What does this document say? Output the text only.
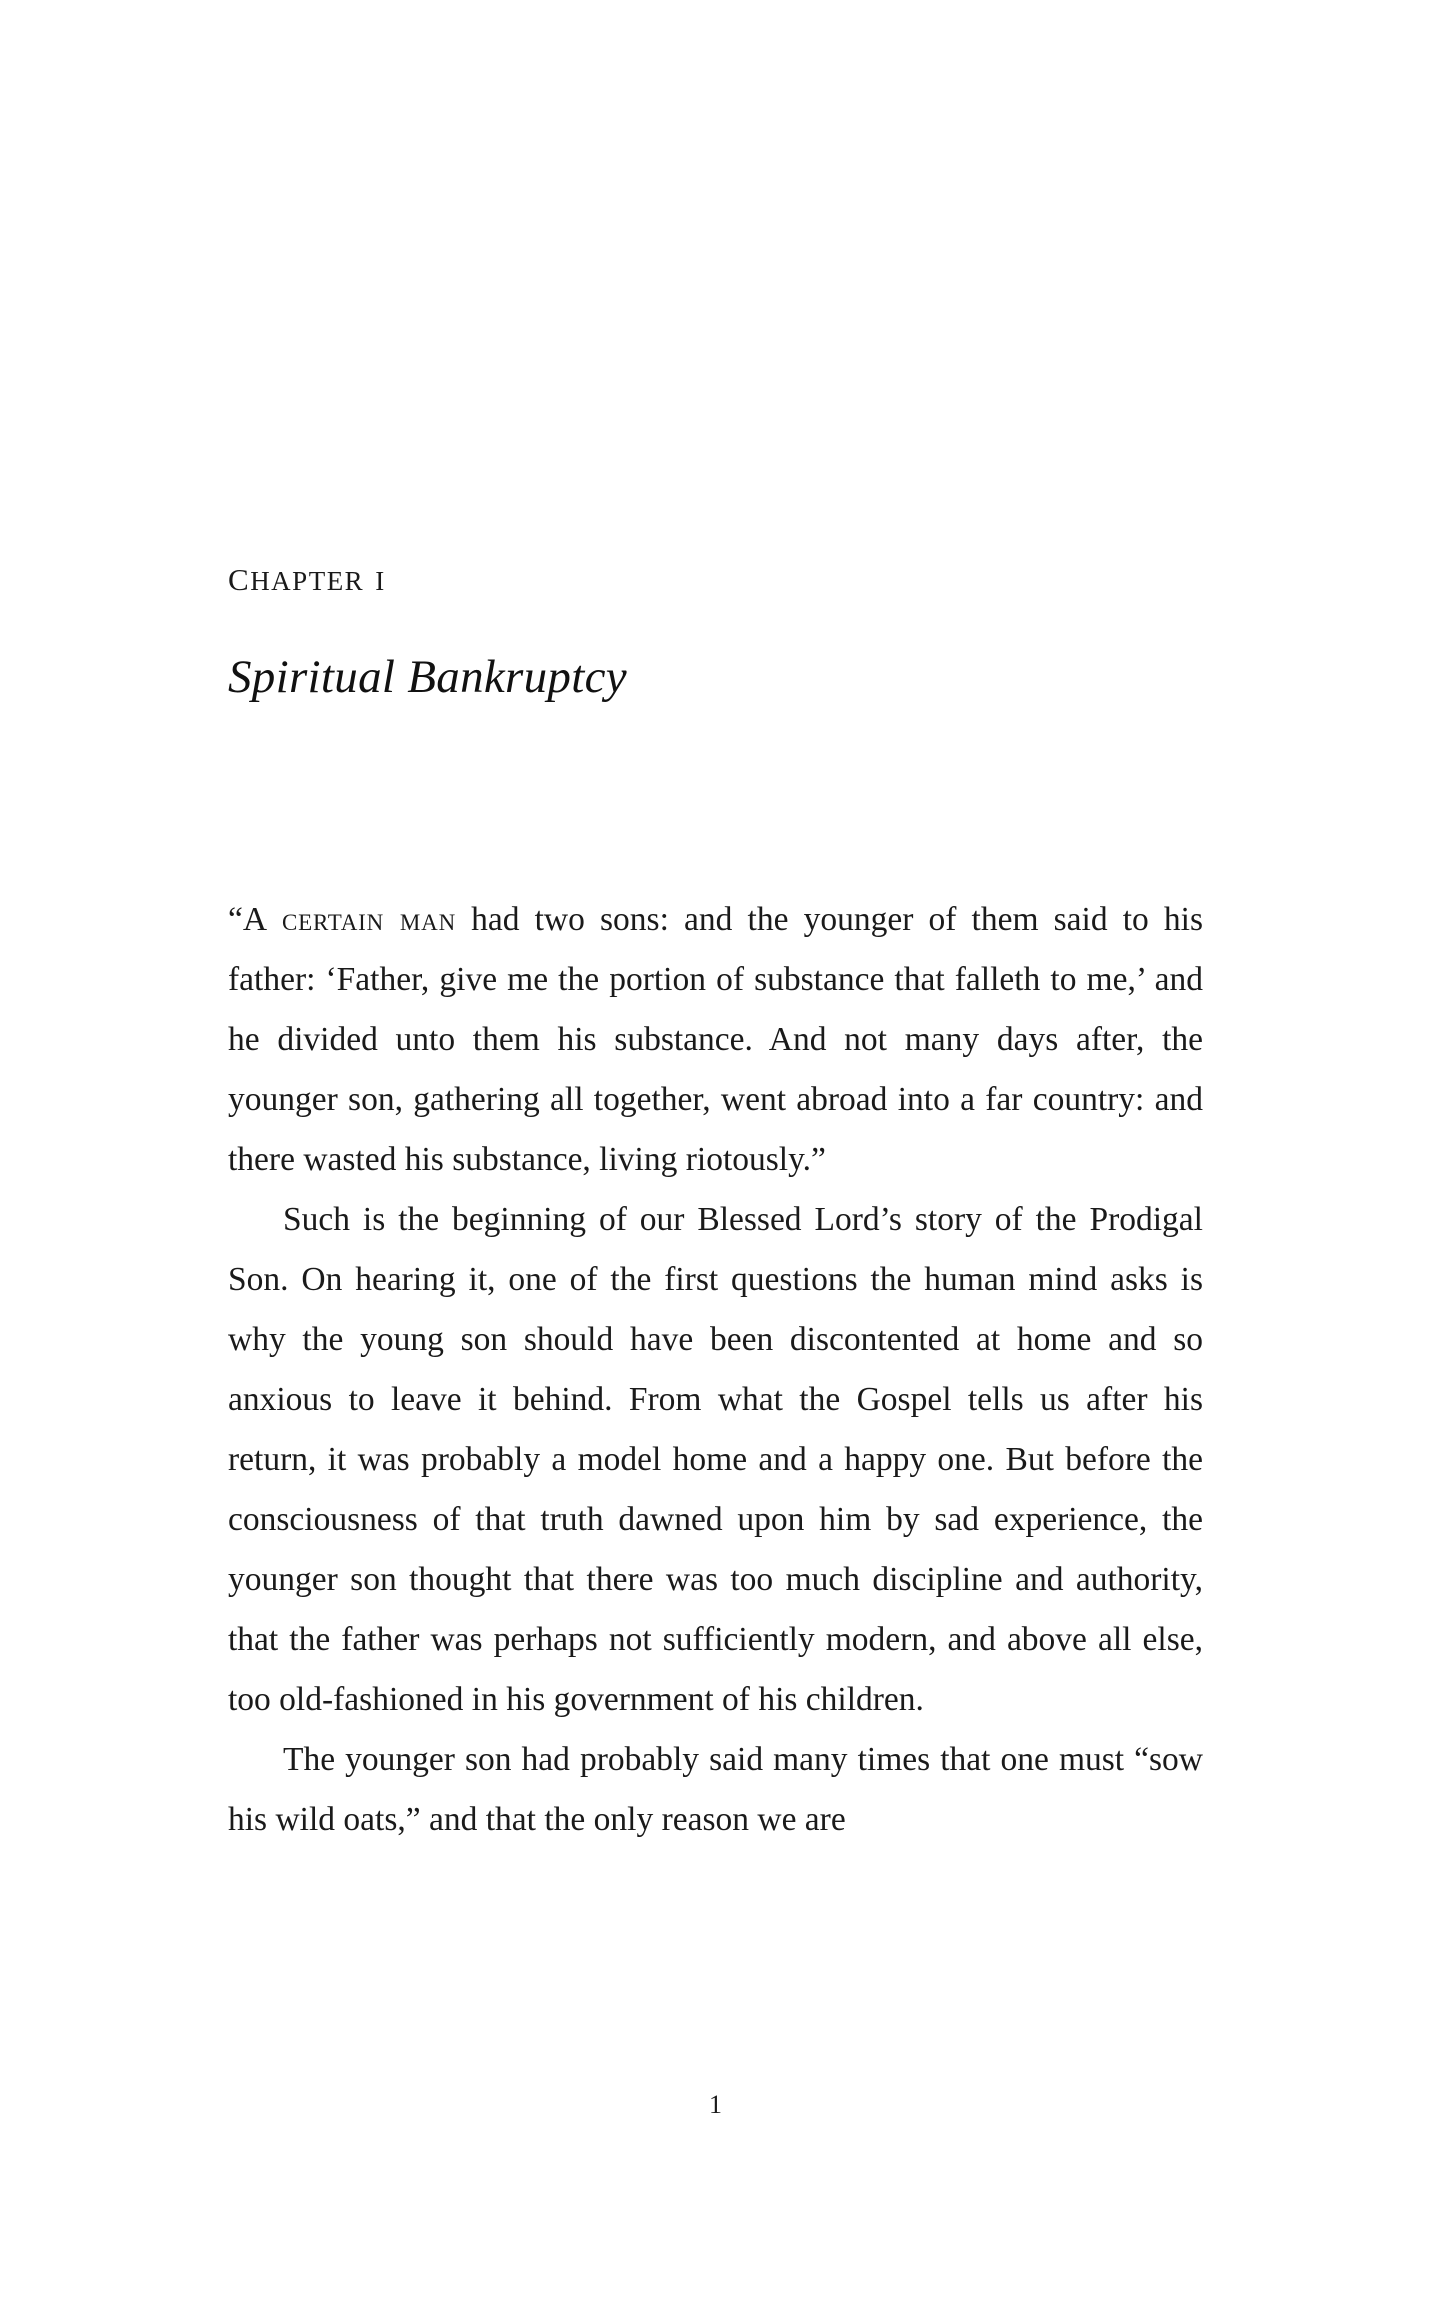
chapter i
Spiritual Bankruptcy

“A certain man had two sons: and the younger of them said to his father: ‘Father, give me the portion of substance that falleth to me,’ and he divided unto them his substance. And not many days after, the younger son, gathering all together, went abroad into a far country: and there wasted his substance, living riotously.”

Such is the beginning of our Blessed Lord’s story of the Prodigal Son. On hearing it, one of the first questions the human mind asks is why the young son should have been discontented at home and so anxious to leave it behind. From what the Gospel tells us after his return, it was probably a model home and a happy one. But before the consciousness of that truth dawned upon him by sad experience, the younger son thought that there was too much discipline and authority, that the father was perhaps not sufficiently modern, and above all else, too old-fashioned in his government of his children.

The younger son had probably said many times that one must “sow his wild oats,” and that the only reason we are

1
